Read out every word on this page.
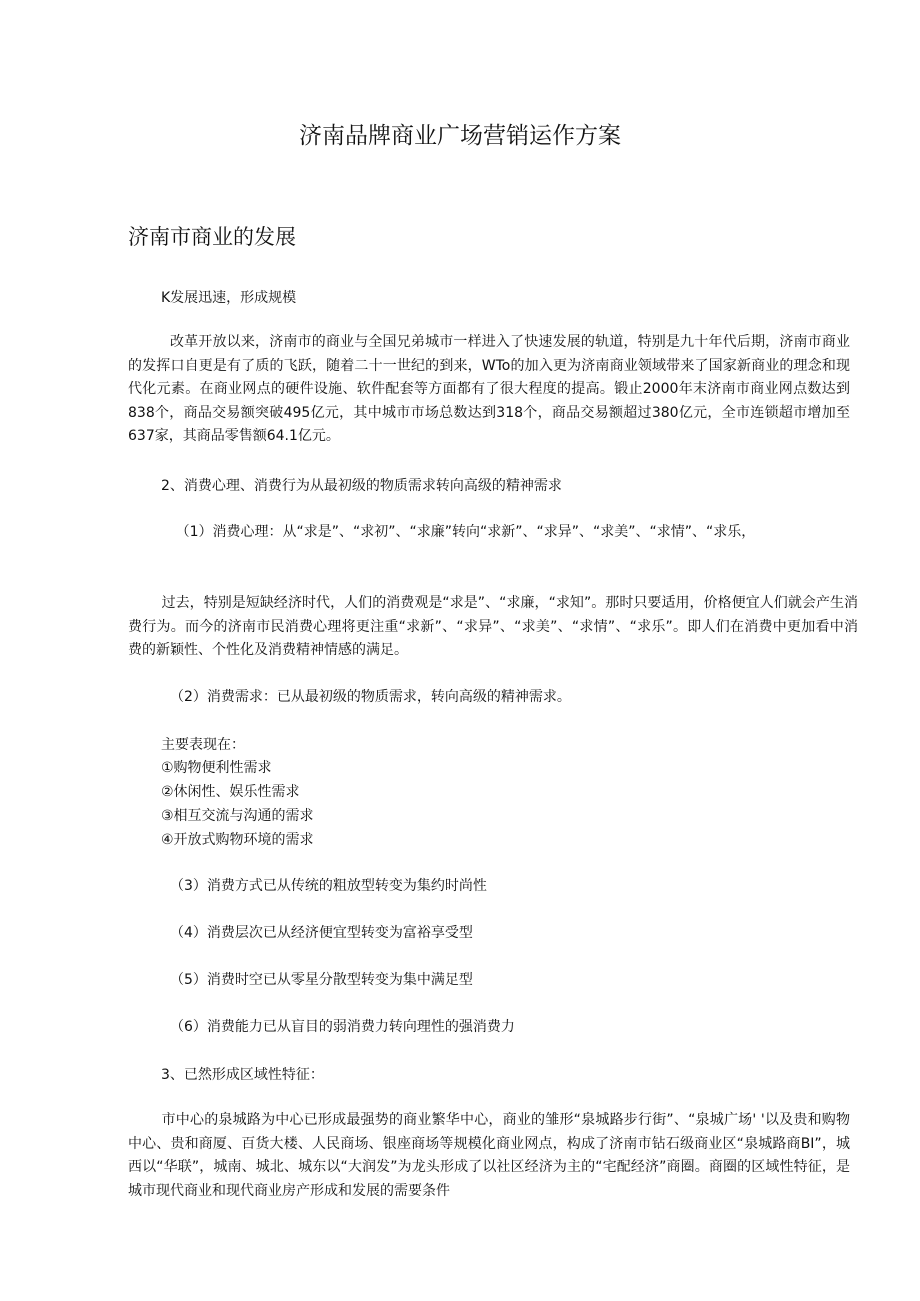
济南品牌商业广场营销运作方案
济南市商业的发展

K发展迅速，形成规模

改革开放以来，济南市的商业与全国兄弟城市一样进入了快速发展的轨道，特别是九十年代后期，济南市商业的发挥口自更是有了质的飞跃，随着二十一世纪的到来，WTo的加入更为济南商业领域带来了国家新商业的理念和现代化元素。在商业网点的硬件设施、软件配套等方面都有了很大程度的提高。锻止2000年末济南市商业网点数达到838个，商品交易额突破495亿元，其中城市市场总数达到318个，商品交易额超过380亿元，全市连锁超市增加至637家，其商品零售额64.1亿元。

2、消费心理、消费行为从最初级的物质需求转向高级的精神需求

（1）消费心理：从“求是”、“求初”、“求廉”转向“求新”、“求异”、“求美”、“求情”、“求乐，

过去，特别是短缺经济时代，人们的消费观是“求是”、“求廉，“求知”。那时只要适用，价格便宜人们就会产生消费行为。而今的济南市民消费心理将更注重“求新”、“求异”、“求美”、“求情”、“求乐”。即人们在消费中更加看中消费的新颖性、个性化及消费精神情感的满足。

（2）消费需求：已从最初级的物质需求，转向高级的精神需求。

主要表现在：

①购物便利性需求

②休闲性、娱乐性需求

③相互交流与沟通的需求

④开放式购物环境的需求

（3）消费方式已从传统的粗放型转变为集约时尚性

（4）消费层次已从经济便宜型转变为富裕享受型

（5）消费时空已从零星分散型转变为集中满足型

（6）消费能力已从盲目的弱消费力转向理性的强消费力

3、已然形成区域性特征：

市中心的泉城路为中心已形成最强势的商业繁华中心，商业的雏形“泉城路步行街”、“泉城广场' '以及贵和购物中心、贵和商厦、百货大楼、人民商场、银座商场等规模化商业网点，构成了济南市钻石级商业区“泉城路商BI”，城西以“华联”，城南、城北、城东以“大润发”为龙头形成了以社区经济为主的“宅配经济”商圈。商圈的区域性特征，是城市现代商业和现代商业房产形成和发展的需要条件
